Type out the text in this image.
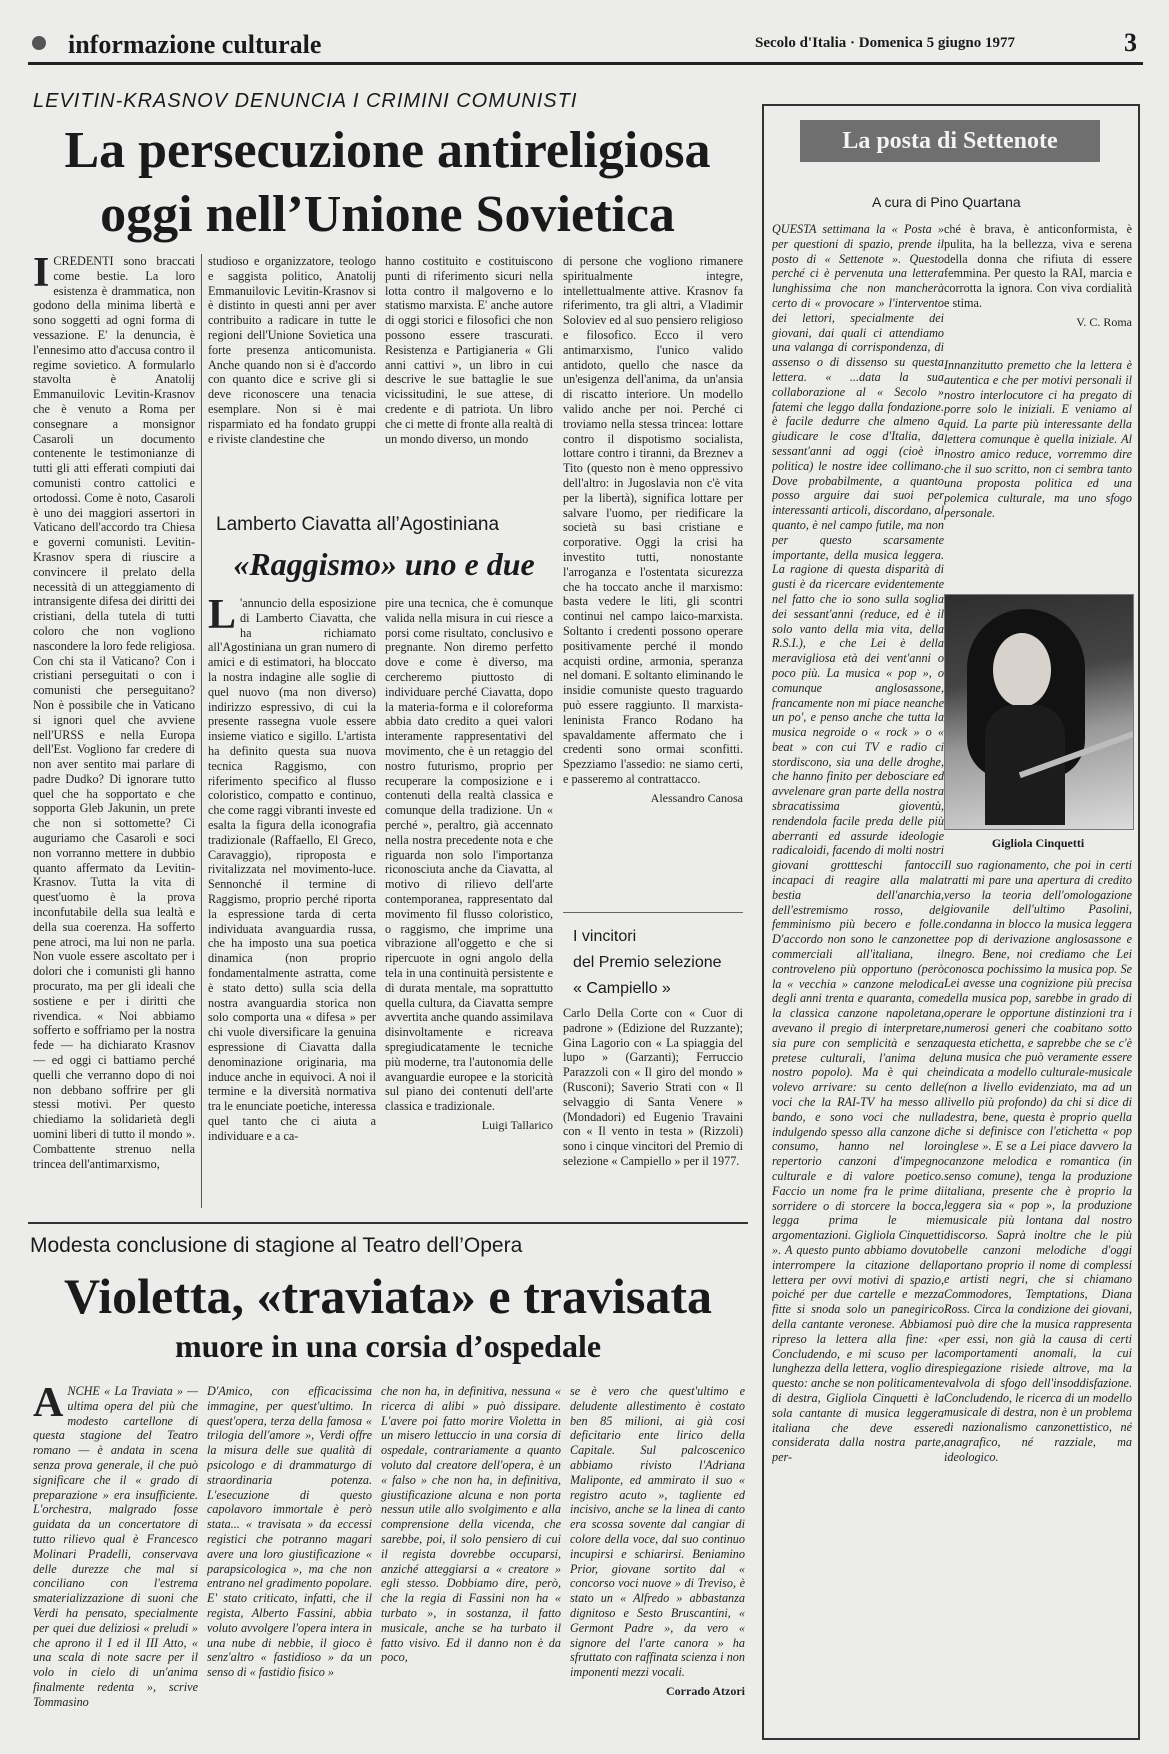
informazione culturale	Secolo d'Italia · Domenica 5 giugno 1977	3
LEVITIN-KRASNOV DENUNCIA I CRIMINI COMUNISTI
La persecuzione antireligiosa
oggi nell’Unione Sovietica
ICREDENTI sono braccati come bestie. La loro esistenza è drammatica, non godono della minima libertà e sono soggetti ad ogni forma di vessazione. E' la denuncia, è l'ennesimo atto d'accusa contro il regime sovietico. A formularlo stavolta è Anatolij Emmanuilovic Levitin-Krasnov che è venuto a Roma per consegnare a monsignor Casaroli un documento contenente le testimonianze di tutti gli atti efferati compiuti dai comunisti contro cattolici e ortodossi. Come è noto, Casaroli è uno dei maggiori assertori in Vaticano dell'accordo tra Chiesa e governi comunisti. Levitin-Krasnov spera di riuscire a convincere il prelato della necessità di un atteggiamento di intransigente difesa dei diritti dei cristiani, della tutela di tutti coloro che non vogliono nascondere la loro fede religiosa. Con chi sta il Vaticano? Con i cristiani perseguitati o con i comunisti che perseguitano? Non è possibile che in Vaticano si ignori quel che avviene nell'URSS e nella Europa dell'Est. Vogliono far credere di non aver sentito mai parlare di padre Dudko? Di ignorare tutto quel che ha sopportato e che sopporta Gleb Jakunin, un prete che non si sottomette? Ci auguriamo che Casaroli e soci non vorranno mettere in dubbio quanto affermato da Levitin-Krasnov. Tutta la vita di quest'uomo è la prova inconfutabile della sua lealtà e della sua coerenza. Ha sofferto pene atroci, ma lui non ne parla. Non vuole essere ascoltato per i dolori che i comunisti gli hanno procurato, ma per gli ideali che sostiene e per i diritti che rivendica. « Noi abbiamo sofferto e soffriamo per la nostra fede — ha dichiarato Krasnov — ed oggi ci battiamo perché quelli che verranno dopo di noi non debbano soffrire per gli stessi motivi. Per questo chiediamo la solidarietà degli uomini liberi di tutto il mondo ». Combattente strenuo nella trincea dell'antimarxismo,
studioso e organizzatore, teologo e saggista politico, Anatolij Emmanuilovic Levitin-Krasnov si è distinto in questi anni per aver contribuito a radicare in tutte le regioni dell'Unione Sovietica una forte presenza anticomunista. Anche quando non si è d'accordo con quanto dice e scrive gli si deve riconoscere una tenacia esemplare. Non si è mai risparmiato ed ha fondato gruppi e riviste clandestine che
hanno costituito e costituiscono punti di riferimento sicuri nella lotta contro il malgoverno e lo statismo marxista. E' anche autore di oggi storici e filosofici che non possono essere trascurati. Resistenza e Partigianeria « Gli anni cattivi », un libro in cui descrive le sue battaglie le sue vicissitudini, le sue attese, di credente e di patriota. Un libro che ci mette di fronte alla realtà di un mondo diverso, un mondo
di persone che vogliono rimanere spiritualmente integre, intellettualmente attive. Krasnov fa riferimento, tra gli altri, a Vladimir Soloviev ed al suo pensiero religioso e filosofico. Ecco il vero antimarxismo, l'unico valido antidoto, quello che nasce da un'esigenza dell'anima, da un'ansia di riscatto interiore. Un modello valido anche per noi. Perché ci troviamo nella stessa trincea: lottare contro il dispotismo socialista, lottare contro i tiranni, da Breznev a Tito (questo non è meno oppressivo dell'altro: in Jugoslavia non c'è vita per la libertà), significa lottare per salvare l'uomo, per riedificare la società su basi cristiane e corporative. Oggi la crisi ha investito tutti, nonostante l'arroganza e l'ostentata sicurezza che ha toccato anche il marxismo: basta vedere le liti, gli scontri continui nel campo laico-marxista. Soltanto i credenti possono operare positivamente perché il mondo acquisti ordine, armonia, speranza nel domani. E soltanto eliminando le insidie comuniste questo traguardo può essere raggiunto. Il marxista-leninista Franco Rodano ha spavaldamente affermato che i credenti sono ormai sconfitti. Spezziamo l'assedio: ne siamo certi, e passeremo al contrattacco.
Alessandro Canosa
Lamberto Ciavatta all’Agostiniana
«Raggismo» uno e due
L 'annuncio della esposizione di Lamberto Ciavatta, che ha richiamato all'Agostiniana un gran numero di amici e di estimatori, ha bloccato la nostra indagine alle soglie di quel nuovo (ma non diverso) indirizzo espressivo, di cui la presente rassegna vuole essere insieme viatico e sigillo. L'artista ha definito questa sua nuova tecnica Raggismo, con riferimento specifico al flusso coloristico, compatto e continuo, che come raggi vibranti investe ed esalta la figura della iconografia tradizionale (Raffaello, El Greco, Caravaggio), riproposta e rivitalizzata nel movimento-luce. Sennonché il termine di Raggismo, proprio perché riporta la espressione tarda di certa individuata avanguardia russa, che ha imposto una sua poetica dinamica (non proprio fondamentalmente astratta, come è stato detto) sulla scia della nostra avanguardia storica non solo comporta una « difesa » per chi vuole diversificare la genuina espressione di Ciavatta dalla denominazione originaria, ma induce anche in equivoci. A noi il termine e la diversità normativa tra le enunciate poetiche, interessa quel tanto che ci aiuta a individuare e a ca-
pire una tecnica, che è comunque valida nella misura in cui riesce a porsi come risultato, conclusivo e pregnante. Non diremo perfetto dove e come è diverso, ma cercheremo piuttosto di individuare perché Ciavatta, dopo la materia-forma e il coloreforma abbia dato credito a quei valori interamente rappresentativi del movimento, che è un retaggio del nostro futurismo, proprio per recuperare la composizione e i contenuti della realtà classica e comunque della tradizione. Un « perché », peraltro, già accennato nella nostra precedente nota e che riguarda non solo l'importanza riconosciuta anche da Ciavatta, al motivo di rilievo dell'arte contemporanea, rappresentato dal movimento fil flusso coloristico, o raggismo, che imprime una vibrazione all'oggetto e che si ripercuote in ogni angolo della tela in una continuità persistente e di durata mentale, ma soprattutto quella cultura, da Ciavatta sempre avvertita anche quando assimilava disinvoltamente e ricreava spregiudicatamente le tecniche più moderne, tra l'autonomia delle avanguardie europee e la storicità sul piano dei contenuti dell'arte classica e tradizionale.
Luigi Tallarico
I vincitori
del Premio selezione
« Campiello »
Carlo Della Corte con « Cuor di padrone » (Edizione del Ruzzante); Gina Lagorio con « La spiaggia del lupo » (Garzanti); Ferruccio Parazzoli con « Il giro del mondo » (Rusconi); Saverio Strati con « Il selvaggio di Santa Venere » (Mondadori) ed Eugenio Travaini con « Il vento in testa » (Rizzoli) sono i cinque vincitori del Premio di selezione « Campiello » per il 1977.
Modesta conclusione di stagione al Teatro dell’Opera
Violetta, «traviata» e travisata
muore in una corsia d’ospedale
ANCHE « La Traviata » — ultima opera del più che modesto cartellone di questa stagione del Teatro romano — è andata in scena senza prova generale, il che può significare che il « grado di preparazione » era insufficiente. L'orchestra, malgrado fosse guidata da un concertatore di tutto rilievo qual è Francesco Molinari Pradelli, conservava delle durezze che mal si conciliano con l'estrema smaterializzazione di suoni che Verdi ha pensato, specialmente per quei due deliziosi « preludi » che aprono il I ed il III Atto, « una scala di note sacre per il volo in cielo di un'anima finalmente redenta », scrive Tommasino
D'Amico, con efficacissima immagine, per quest'ultimo. In quest'opera, terza della famosa « trilogia dell'amore », Verdi offre la misura delle sue qualità di psicologo e di drammaturgo di straordinaria potenza. L'esecuzione di questo capolavoro immortale è però stata... « travisata » da eccessi registici che potranno magari avere una loro giustificazione « parapsicologica », ma che non entrano nel gradimento popolare. E' stato criticato, infatti, che il regista, Alberto Fassini, abbia voluto avvolgere l'opera intera in una nube di nebbie, il gioco è senz'altro « fastidioso » da un senso di « fastidio fisico »
che non ha, in definitiva, nessuna « ricerca di alibi » può dissipare. L'avere poi fatto morire Violetta in un misero lettuccio in una corsia di ospedale, contrariamente a quanto voluto dal creatore dell'opera, è un « falso » che non ha, in definitiva, giustificazione alcuna e non porta nessun utile allo svolgimento e alla comprensione della vicenda, che sarebbe, poi, il solo pensiero di cui il regista dovrebbe occuparsi, anziché atteggiarsi a « creatore » egli stesso. Dobbiamo dire, però, che la regia di Fassini non ha « turbato », in sostanza, il fatto musicale, anche se ha turbato il fatto visivo. Ed il danno non è da poco,
se è vero che quest'ultimo e deludente allestimento è costato ben 85 milioni, ai già cosi deficitario ente lirico della Capitale. Sul palcoscenico abbiamo rivisto l'Adriana Maliponte, ed ammirato il suo « registro acuto », tagliente ed incisivo, anche se la linea di canto era scossa sovente dal cangiar di colore della voce, dal suo continuo incupirsi e schiarirsi. Beniamino Prior, giovane sortito dal « concorso voci nuove » di Treviso, è stato un « Alfredo » abbastanza dignitoso e Sesto Bruscantini, « Germont Padre », da vero « signore del l'arte canora » ha sfruttato con raffinata scienza i non imponenti mezzi vocali.
Corrado Atzori
La posta di Settenote
A cura di Pino Quartana
QUESTA settimana la « Posta » per questioni di spazio, prende il posto di « Settenote ». Questo perché ci è pervenuta una lettera lunghissima che non mancherà certo di « provocare » l'intervento dei lettori, specialmente dei giovani, dai quali ci attendiamo una valanga di corrispondenza, di assenso o di dissenso su questa lettera. « ...data la sua collaborazione al « Secolo » fatemi che leggo dalla fondazione. è facile dedurre che almeno a giudicare le cose d'Italia, da sessant'anni ad oggi (cioè in politica) le nostre idee collimano. Dove probabilmente, a quanto posso arguire dai suoi per interessanti articoli, discordano, al quanto, è nel campo futile, ma non per questo scarsamente importante, della musica leggera. La ragione di questa disparità di gusti è da ricercare evidentemente nel fatto che io sono sulla soglia dei sessant'anni (reduce, ed è il solo vanto della mia vita, della R.S.I.), e che Lei è della meravigliosa età dei vent'anni o poco più. La musica « pop », o comunque anglosassone, francamente non mi piace neanche un po', e penso anche che tutta la musica negroide o « rock » o « beat » con cui TV e radio ci stordiscono, sia una delle droghe, che hanno finito per debosciare ed avvelenare gran parte della nostra sbracatissima gioventù, rendendola facile preda delle più aberranti ed assurde ideologie radicaloidi, facendo di molti nostri giovani grottteschi fantocci incapaci di reagire alla mala bestia dell'anarchia, dell'estremismo rosso, del femminismo più becero e folle. D'accordo non sono le canzonette commerciali all'italiana, il controveleno più opportuno (però la « vecchia » canzone melodica degli anni trenta e quaranta, come la classica canzone napoletana, avevano il pregio di interpretare, sia pure con semplicità e senza pretese culturali, l'anima del nostro popolo). Ma è qui che volevo arrivare: su cento delle voci che la RAI-TV ha messo al bando, e sono voci che nulla indulgendo spesso alla canzone di consumo, hanno nel loro repertorio canzoni d'impegno culturale e di valore poetico. Faccio un nome fra le prime di sorridere o di storcere la bocca, legga prima le mie argomentazioni. Gigliola Cinquetti ». A questo punto abbiamo dovuto interrompere la citazione della lettera per ovvi motivi di spazio, poiché per due cartelle e mezza fitte si snoda solo un panegirico della cantante veronese. Abbiamo ripreso la lettera alla fine: « Concludendo, e mi scuso per la lunghezza della lettera, voglio dire questo: anche se non politicamente di destra, Gigliola Cinquetti è la sola cantante di musica leggera italiana che deve essere considerata dalla nostra parte, per-
ché è brava, è anticonformista, è pulita, ha la bellezza, viva e serena della donna che rifiuta di essere femmina. Per questo la RAI, marcia e corrotta la ignora. Con viva cordialità e stima.
V. C. Roma
Innanzitutto premetto che la lettera è autentica e che per motivi personali il nostro interlocutore ci ha pregato di porre solo le iniziali. E veniamo al quid. La parte più interessante della lettera comunque è quella iniziale. Al nostro amico reduce, vorremmo dire che il suo scritto, non ci sembra tanto una proposta politica ed una polemica culturale, ma uno sfogo personale.
Gigliola Cinquetti
Il suo ragionamento, che poi in certi tratti mi pare una apertura di credito verso la teoria dell'omologazione giovanile dell'ultimo Pasolini, condanna in blocco la musica leggera e pop di derivazione anglosassone e negro. Bene, noi crediamo che Lei conosca pochissimo la musica pop. Se Lei avesse una cognizione più precisa della musica pop, sarebbe in grado di operare le opportune distinzioni tra i numerosi generi che coabitano sotto questa etichetta, e saprebbe che se c'è una musica che può veramente essere indicata a modello culturale-musicale (non a livello evidenziato, ma ad un livello più profondo) da chi si dice di destra, bene, questa è proprio quella che si definisce con l'etichetta « pop inglese ». E se a Lei piace davvero la canzone melodica e romantica (in senso comune), tenga la produzione italiana, presente che è proprio la leggera sia « pop », la produzione musicale più lontana dal nostro discorso. Saprà inoltre che le più belle canzoni melodiche d'oggi portano proprio il nome di complessi e artisti negri, che si chiamano Commodores, Temptations, Diana Ross. Circa la condizione dei giovani, si può dire che la musica rappresenta per essi, non già la causa di certi comportamenti anomali, la cui spiegazione risiede altrove, ma la valvola di sfogo dell'insoddisfazione. Concludendo, le ricerca di un modello musicale di destra, non è un problema di nazionalismo canzonettistico, né anagrafico, né razziale, ma ideologico.
